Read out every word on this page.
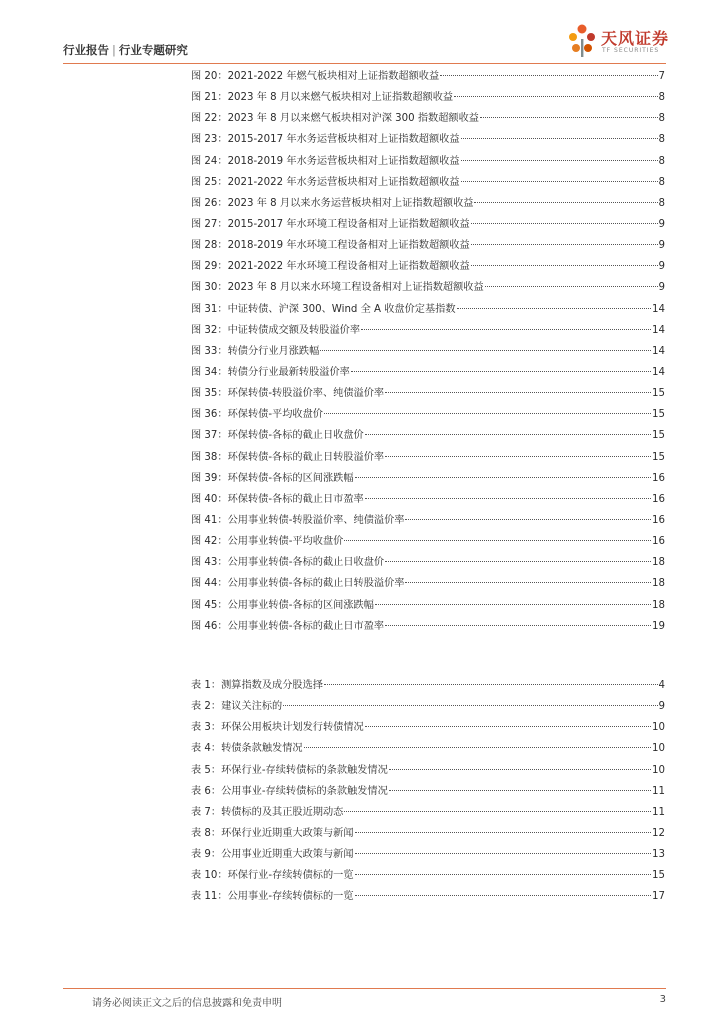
行业报告 | 行业专题研究
天风证券
TF SECURITIES
图 20：2021-2022 年燃气板块相对上证指数超额收益	7
图 21：2023 年 8 月以来燃气板块相对上证指数超额收益	8
图 22：2023 年 8 月以来燃气板块相对沪深 300 指数超额收益	8
图 23：2015-2017 年水务运营板块相对上证指数超额收益	8
图 24：2018-2019 年水务运营板块相对上证指数超额收益	8
图 25：2021-2022 年水务运营板块相对上证指数超额收益	8
图 26：2023 年 8 月以来水务运营板块相对上证指数超额收益	8
图 27：2015-2017 年水环境工程设备相对上证指数超额收益	9
图 28：2018-2019 年水环境工程设备相对上证指数超额收益	9
图 29：2021-2022 年水环境工程设备相对上证指数超额收益	9
图 30：2023 年 8 月以来水环境工程设备相对上证指数超额收益	9
图 31：中证转债、沪深 300、Wind 全 A 收盘价定基指数	14
图 32：中证转债成交额及转股溢价率	14
图 33：转债分行业月涨跌幅	14
图 34：转债分行业最新转股溢价率	14
图 35：环保转债-转股溢价率、纯债溢价率	15
图 36：环保转债-平均收盘价	15
图 37：环保转债-各标的截止日收盘价	15
图 38：环保转债-各标的截止日转股溢价率	15
图 39：环保转债-各标的区间涨跌幅	16
图 40：环保转债-各标的截止日市盈率	16
图 41：公用事业转债-转股溢价率、纯债溢价率	16
图 42：公用事业转债-平均收盘价	16
图 43：公用事业转债-各标的截止日收盘价	18
图 44：公用事业转债-各标的截止日转股溢价率	18
图 45：公用事业转债-各标的区间涨跌幅	18
图 46：公用事业转债-各标的截止日市盈率	19
表 1：测算指数及成分股选择	4
表 2：建议关注标的	9
表 3：环保公用板块计划发行转债情况	10
表 4：转债条款触发情况	10
表 5：环保行业-存续转债标的条款触发情况	10
表 6：公用事业-存续转债标的条款触发情况	11
表 7：转债标的及其正股近期动态	11
表 8：环保行业近期重大政策与新闻	12
表 9：公用事业近期重大政策与新闻	13
表 10：环保行业-存续转债标的一览	15
表 11：公用事业-存续转债标的一览	17
请务必阅读正文之后的信息披露和免责申明	3
